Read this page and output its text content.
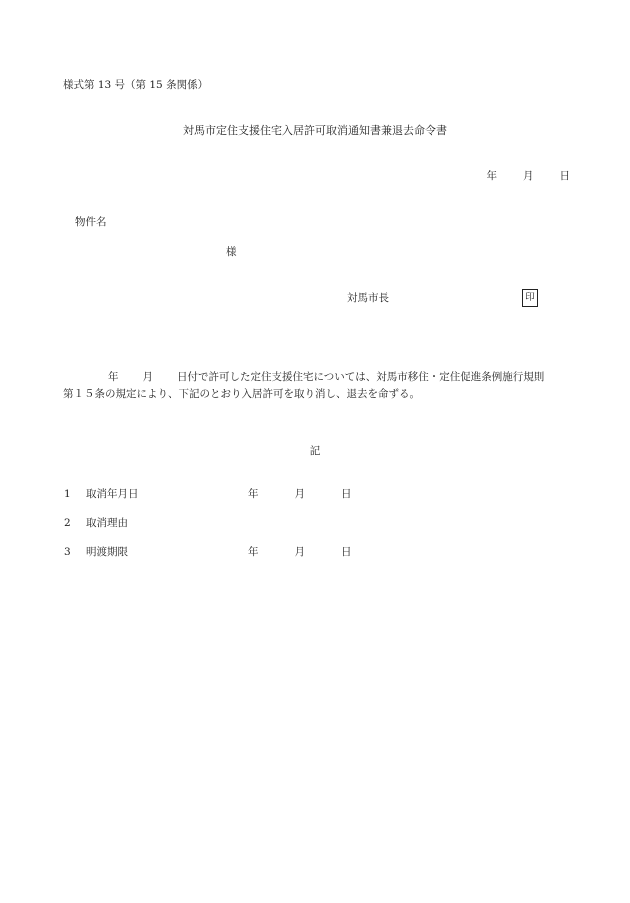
様式第 13 号（第 15 条関係）
対馬市定住支援住宅入居許可取消通知書兼退去命令書
年 月 日
物件名
様
対馬市長	印
年 月 日付で許可した定住支援住宅については、対馬市移住・定住促進条例施行規則
第１５条の規定により、下記のとおり入居許可を取り消し、退去を命ずる。
記
1 取消年月日	年	月	日
2 取消理由
3 明渡期限	年	月	日
